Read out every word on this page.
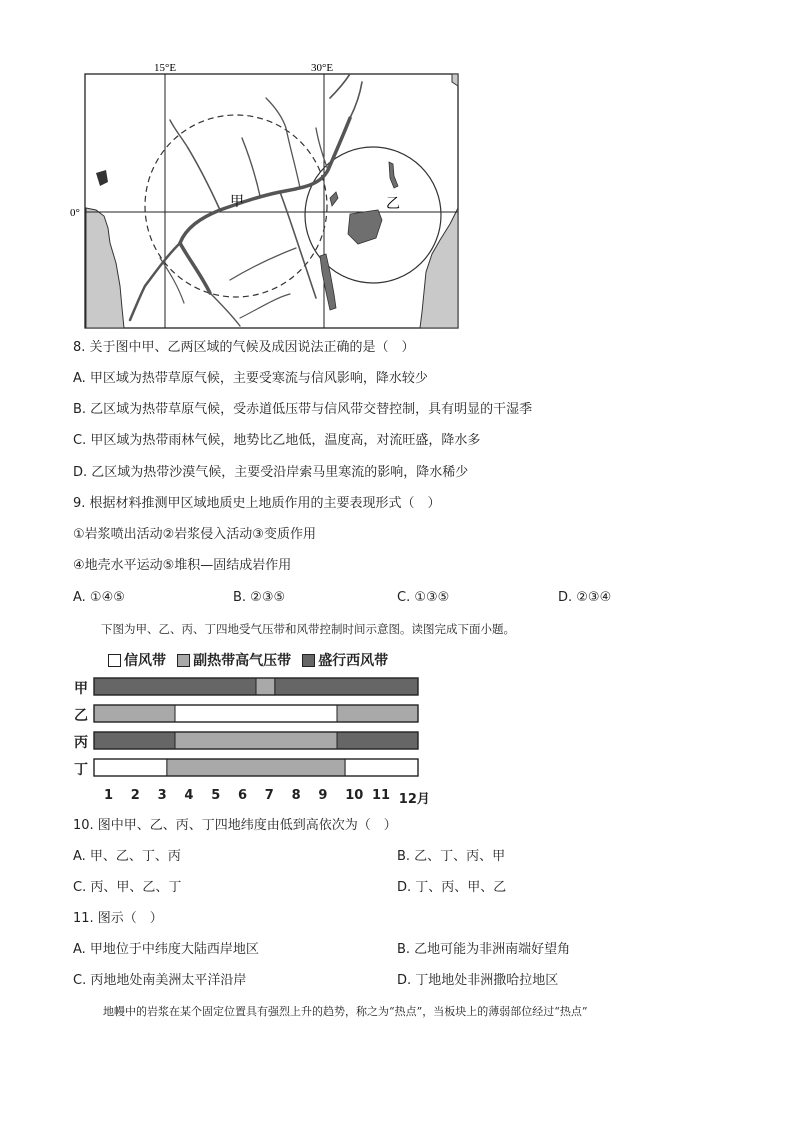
15°E	30°E
0°
甲	乙
8. 关于图中甲、乙两区域的气候及成因说法正确的是（　）
A. 甲区域为热带草原气候，主要受寒流与信风影响，降水较少
B. 乙区域为热带草原气候，受赤道低压带与信风带交替控制，具有明显的干湿季
C. 甲区域为热带雨林气候，地势比乙地低，温度高，对流旺盛，降水多
D. 乙区域为热带沙漠气候，主要受沿岸索马里寒流的影响，降水稀少
9. 根据材料推测甲区域地质史上地质作用的主要表现形式（　）
①岩浆喷出活动②岩浆侵入活动③变质作用
④地壳水平运动⑤堆积—固结成岩作用
A. ①④⑤	B. ②③⑤	C. ①③⑤	D. ②③④
下图为甲、乙、丙、丁四地受气压带和风带控制时间示意图。读图完成下面小题。
信风带 副热带高气压带 盛行西风带
甲
乙
丙
丁
1 2 3 4 5 6 7 8 9 10 11 12月
10. 图中甲、乙、丙、丁四地纬度由低到高依次为（　）
A. 甲、乙、丁、丙	B. 乙、丁、丙、甲
C. 丙、甲、乙、丁	D. 丁、丙、甲、乙
11. 图示（　）
A. 甲地位于中纬度大陆西岸地区	B. 乙地可能为非洲南端好望角
C. 丙地地处南美洲太平洋沿岸	D. 丁地地处非洲撒哈拉地区
地幔中的岩浆在某个固定位置具有强烈上升的趋势，称之为“热点”，当板块上的薄弱部位经过“热点”
